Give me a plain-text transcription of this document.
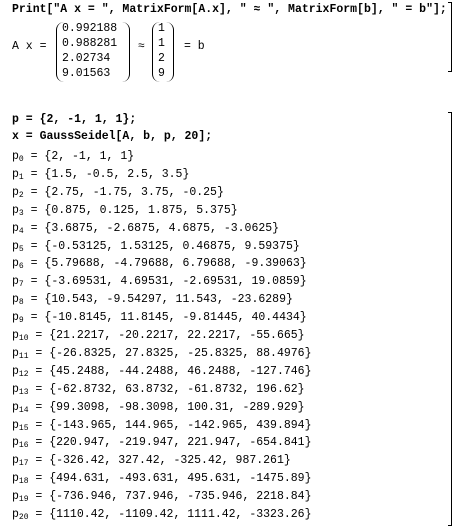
Print["A x = ", MatrixForm[A.x], " ≈ ", MatrixForm[b], " = b"];
A x =
0.992188
0.988281
2.02734
9.01563
≈
1
1
2
9
= b
p = {2, -1, 1, 1};
x = GaussSeidel[A, b, p, 20];
$p_0 = \{2$, -1, 1, 1}
$p_1 = \{1.5$, -0.5, 2.5, 3.5}
$p_2 = \{2.75$, -1.75, 3.75, -0.25}
$p_3 = \{0.875$, 0.125, 1.875, 5.375}
$p_4 = \{3.6875$, -2.6875, 4.6875, -3.0625}
$p_5 = \{-0.53125$, 1.53125, 0.46875, 9.59375}
$p_6 = \{5.79688$, -4.79688, 6.79688, -9.39063}
$p_7 = \{-3.69531$, 4.69531, -2.69531, 19.0859}
$p_8 = \{10.543$, -9.54297, 11.543, -23.6289}
$p_9 = \{-10.8145$, 11.8145, -9.81445, 40.4434}
$p_{10} = \{21.2217$, -20.2217, 22.2217, -55.665}
$p_{11} = \{-26.8325$, 27.8325, -25.8325, 88.4976}
$p_{12} = \{45.2488$, -44.2488, 46.2488, -127.746}
$p_{13} = \{-62.8732$, 63.8732, -61.8732, 196.62}
$p_{14} = \{99.3098$, -98.3098, 100.31, -289.929}
$p_{15} = \{-143.965$, 144.965, -142.965, 439.894}
$p_{16} = \{220.947$, -219.947, 221.947, -654.841}
$p_{17} = \{-326.42$, 327.42, -325.42, 987.261}
$p_{18} = \{494.631$, -493.631, 495.631, -1475.89}
$p_{19} = \{-736.946$, 737.946, -735.946, 2218.84}
$p_{20} = \{1110.42$, -1109.42, 1111.42, -3323.26}
